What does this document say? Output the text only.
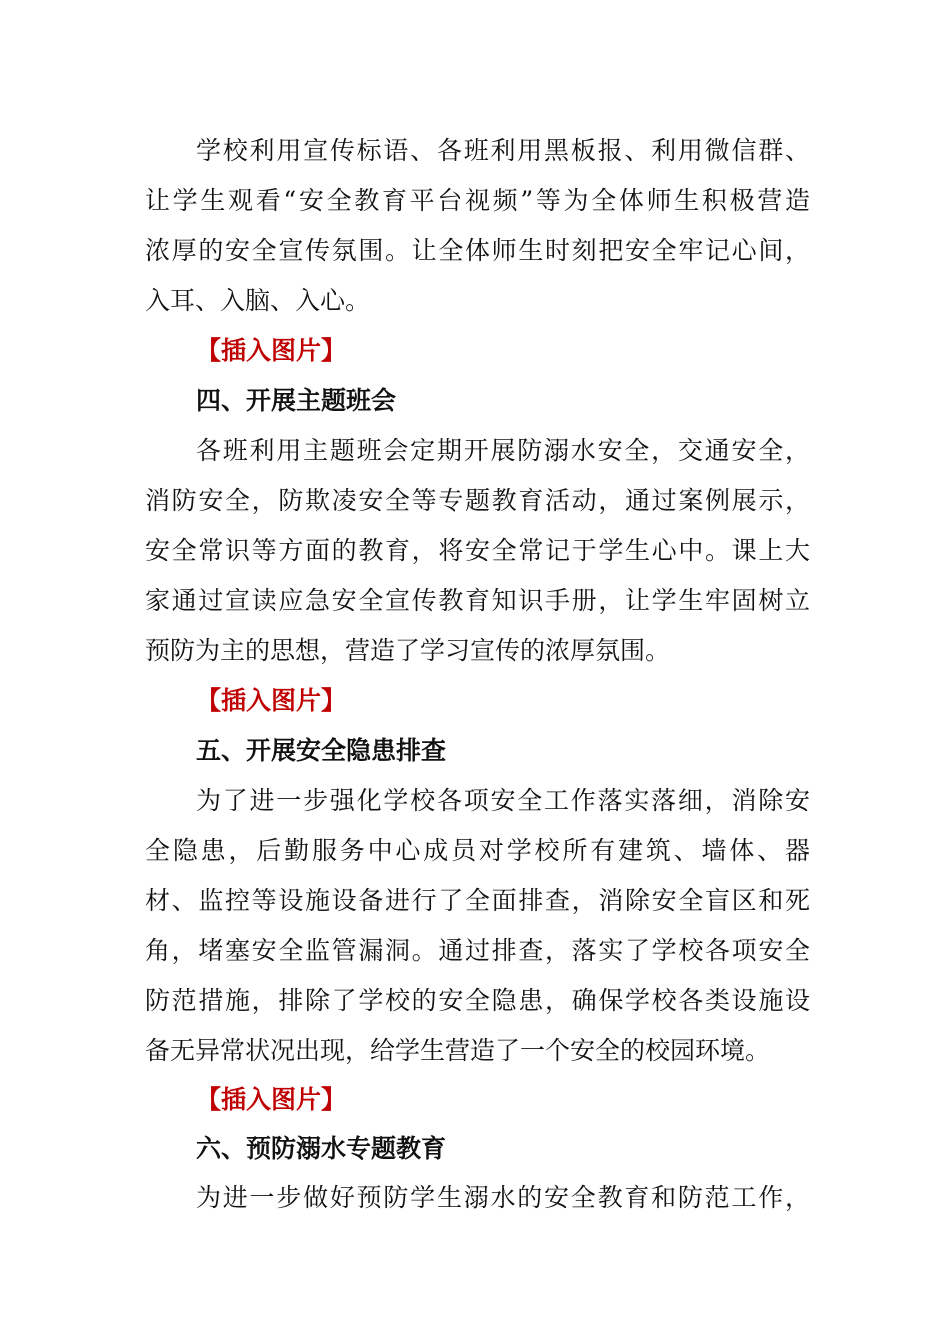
学校利用宣传标语、各班利用黑板报、利用微信群、
让学生观看“安全教育平台视频”等为全体师生积极营造
浓厚的安全宣传氛围。让全体师生时刻把安全牢记心间，
入耳、入脑、入心。
【插入图片】
四、开展主题班会
各班利用主题班会定期开展防溺水安全，交通安全，
消防安全，防欺凌安全等专题教育活动，通过案例展示，
安全常识等方面的教育，将安全常记于学生心中。课上大
家通过宣读应急安全宣传教育知识手册，让学生牢固树立
预防为主的思想，营造了学习宣传的浓厚氛围。
【插入图片】
五、开展安全隐患排查
为了进一步强化学校各项安全工作落实落细，消除安
全隐患，后勤服务中心成员对学校所有建筑、墙体、器
材、监控等设施设备进行了全面排查，消除安全盲区和死
角，堵塞安全监管漏洞。通过排查，落实了学校各项安全
防范措施，排除了学校的安全隐患，确保学校各类设施设
备无异常状况出现，给学生营造了一个安全的校园环境。
【插入图片】
六、预防溺水专题教育
为进一步做好预防学生溺水的安全教育和防范工作，
